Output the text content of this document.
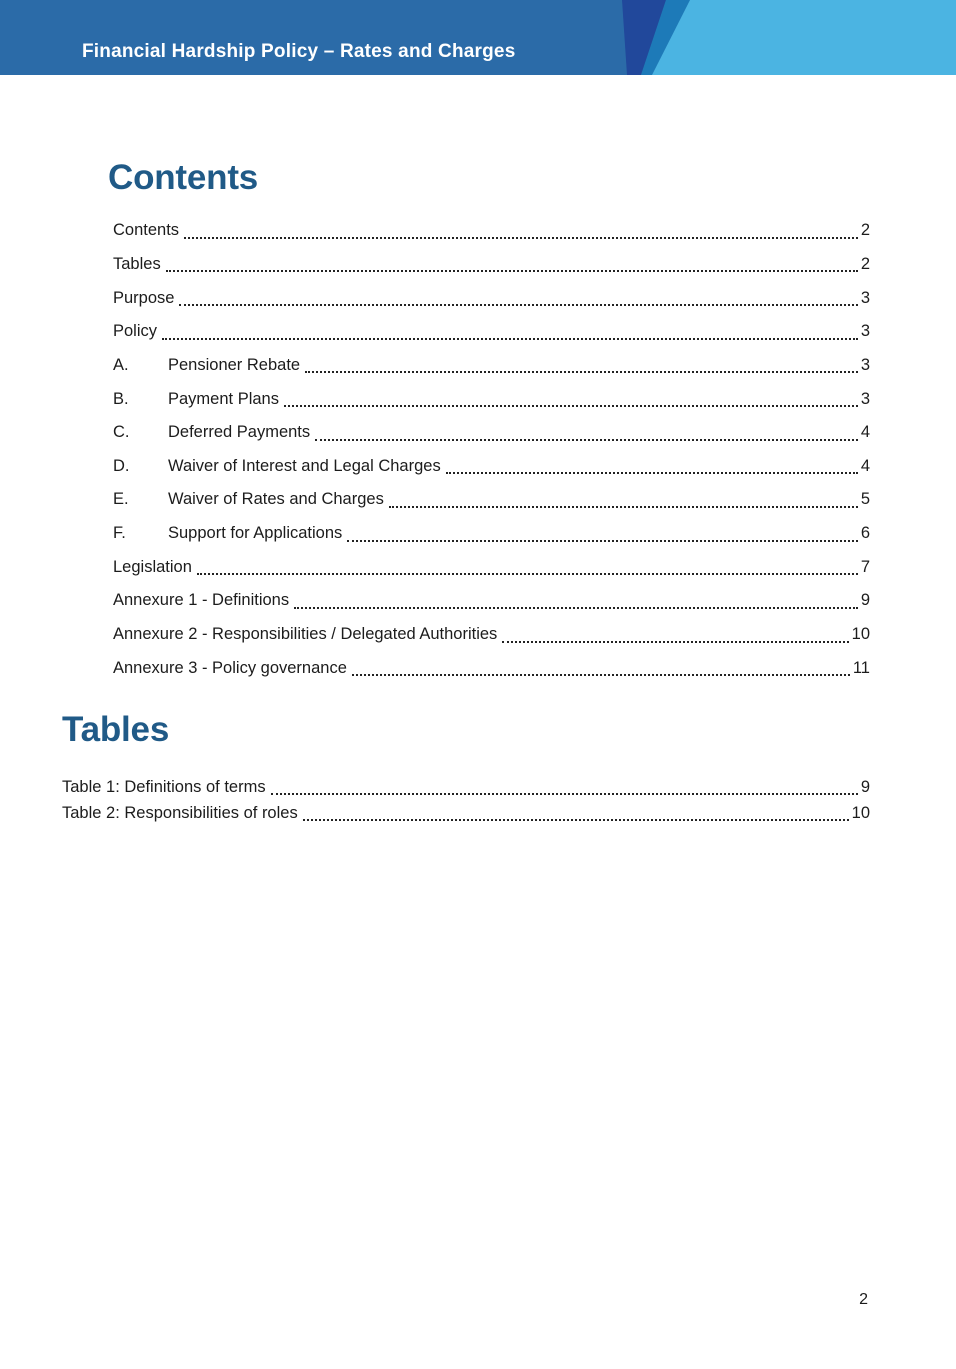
Financial Hardship Policy – Rates and Charges
Contents
Contents	2
Tables	2
Purpose	3
Policy	3
A.	Pensioner Rebate	3
B.	Payment Plans	3
C.	Deferred Payments	4
D.	Waiver of Interest and Legal Charges	4
E.	Waiver of Rates and Charges	5
F.	Support for Applications	6
Legislation	7
Annexure 1 - Definitions	9
Annexure 2 - Responsibilities / Delegated Authorities	10
Annexure 3 - Policy governance	11
Tables
Table 1: Definitions of terms	9
Table 2: Responsibilities of roles	10
2
